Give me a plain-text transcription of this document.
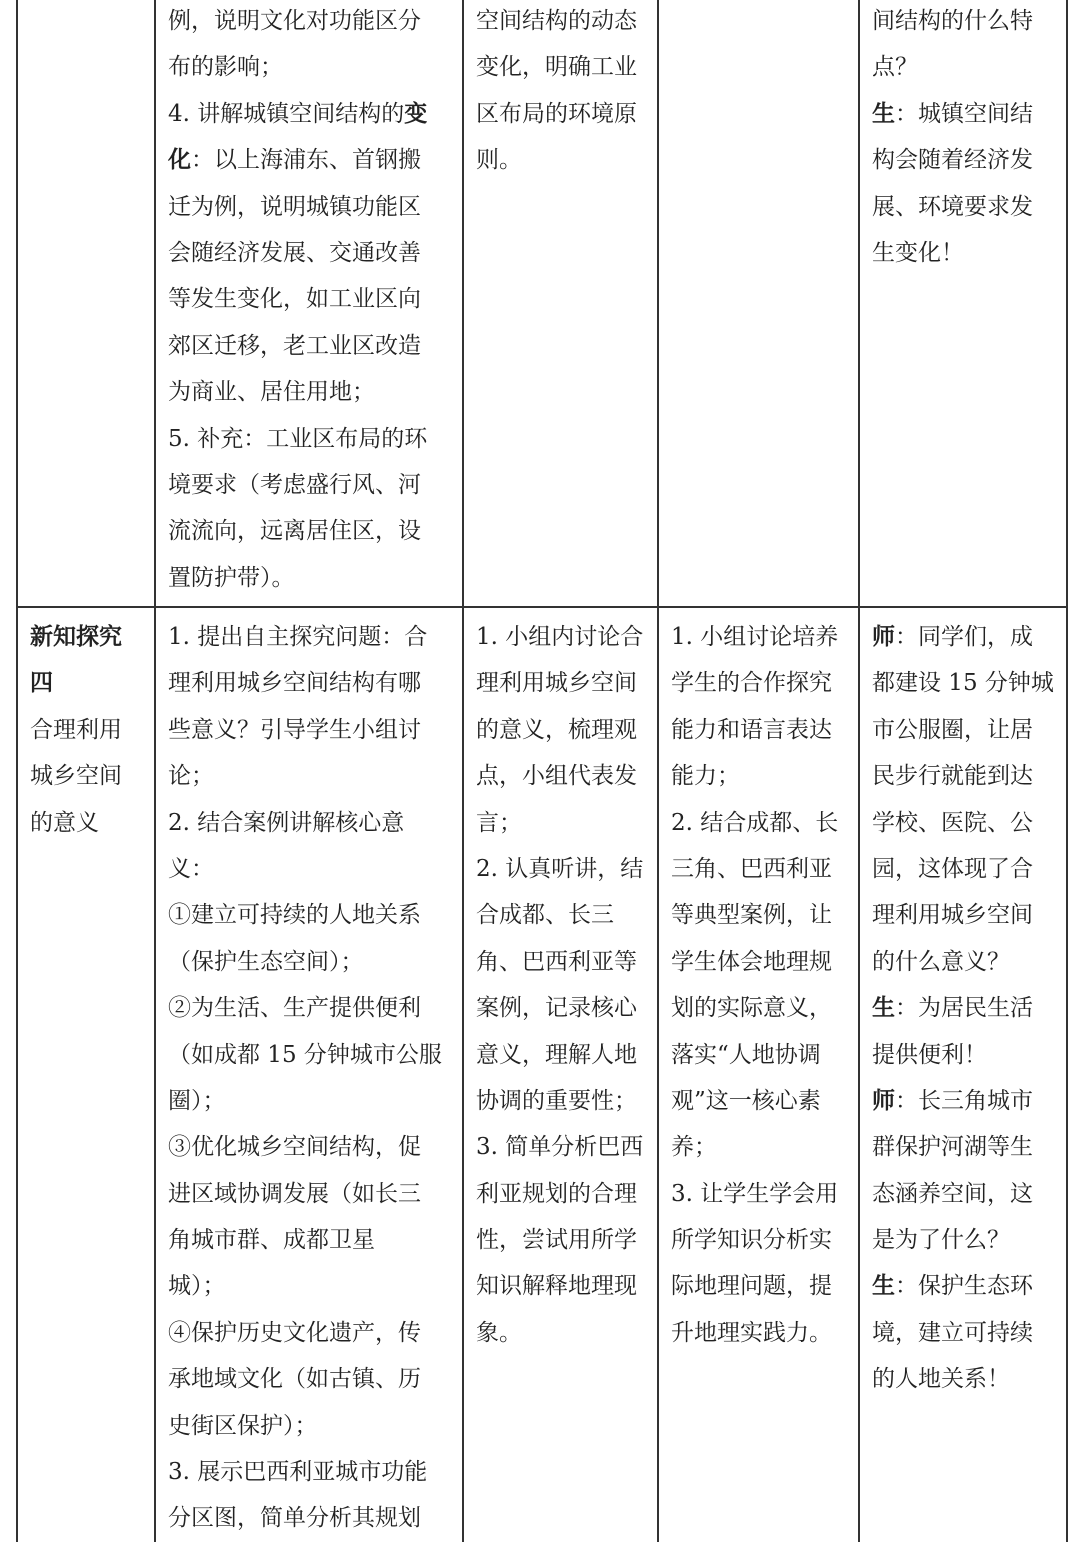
例，说明文化对功能区分
布的影响；
4. 讲解城镇空间结构的变
化：以上海浦东、首钢搬
迁为例，说明城镇功能区
会随经济发展、交通改善
等发生变化，如工业区向
郊区迁移，老工业区改造
为商业、居住用地；
5. 补充：工业区布局的环
境要求（考虑盛行风、河
流流向，远离居住区，设
置防护带）。
空间结构的动态
变化，明确工业
区布局的环境原
则。
间结构的什么特
点？
生：城镇空间结
构会随着经济发
展、环境要求发
生变化！
新知探究
四
合理利用
城乡空间
的意义
1. 提出自主探究问题：合
理利用城乡空间结构有哪
些意义？引导学生小组讨
论；
2. 结合案例讲解核心意
义：
①建立可持续的人地关系
（保护生态空间）；
②为生活、生产提供便利
（如成都 15 分钟城市公服
圈）；
③优化城乡空间结构，促
进区域协调发展（如长三
角城市群、成都卫星
城）；
④保护历史文化遗产，传
承地域文化（如古镇、历
史街区保护）；
3. 展示巴西利亚城市功能
分区图，简单分析其规划
1. 小组内讨论合
理利用城乡空间
的意义，梳理观
点，小组代表发
言；
2. 认真听讲，结
合成都、长三
角、巴西利亚等
案例，记录核心
意义，理解人地
协调的重要性；
3. 简单分析巴西
利亚规划的合理
性，尝试用所学
知识解释地理现
象。
1. 小组讨论培养
学生的合作探究
能力和语言表达
能力；
2. 结合成都、长
三角、巴西利亚
等典型案例，让
学生体会地理规
划的实际意义，
落实“人地协调
观”这一核心素
养；
3. 让学生学会用
所学知识分析实
际地理问题，提
升地理实践力。
师：同学们，成
都建设 15 分钟城
市公服圈，让居
民步行就能到达
学校、医院、公
园，这体现了合
理利用城乡空间
的什么意义？
生：为居民生活
提供便利！
师：长三角城市
群保护河湖等生
态涵养空间，这
是为了什么？
生：保护生态环
境，建立可持续
的人地关系！
